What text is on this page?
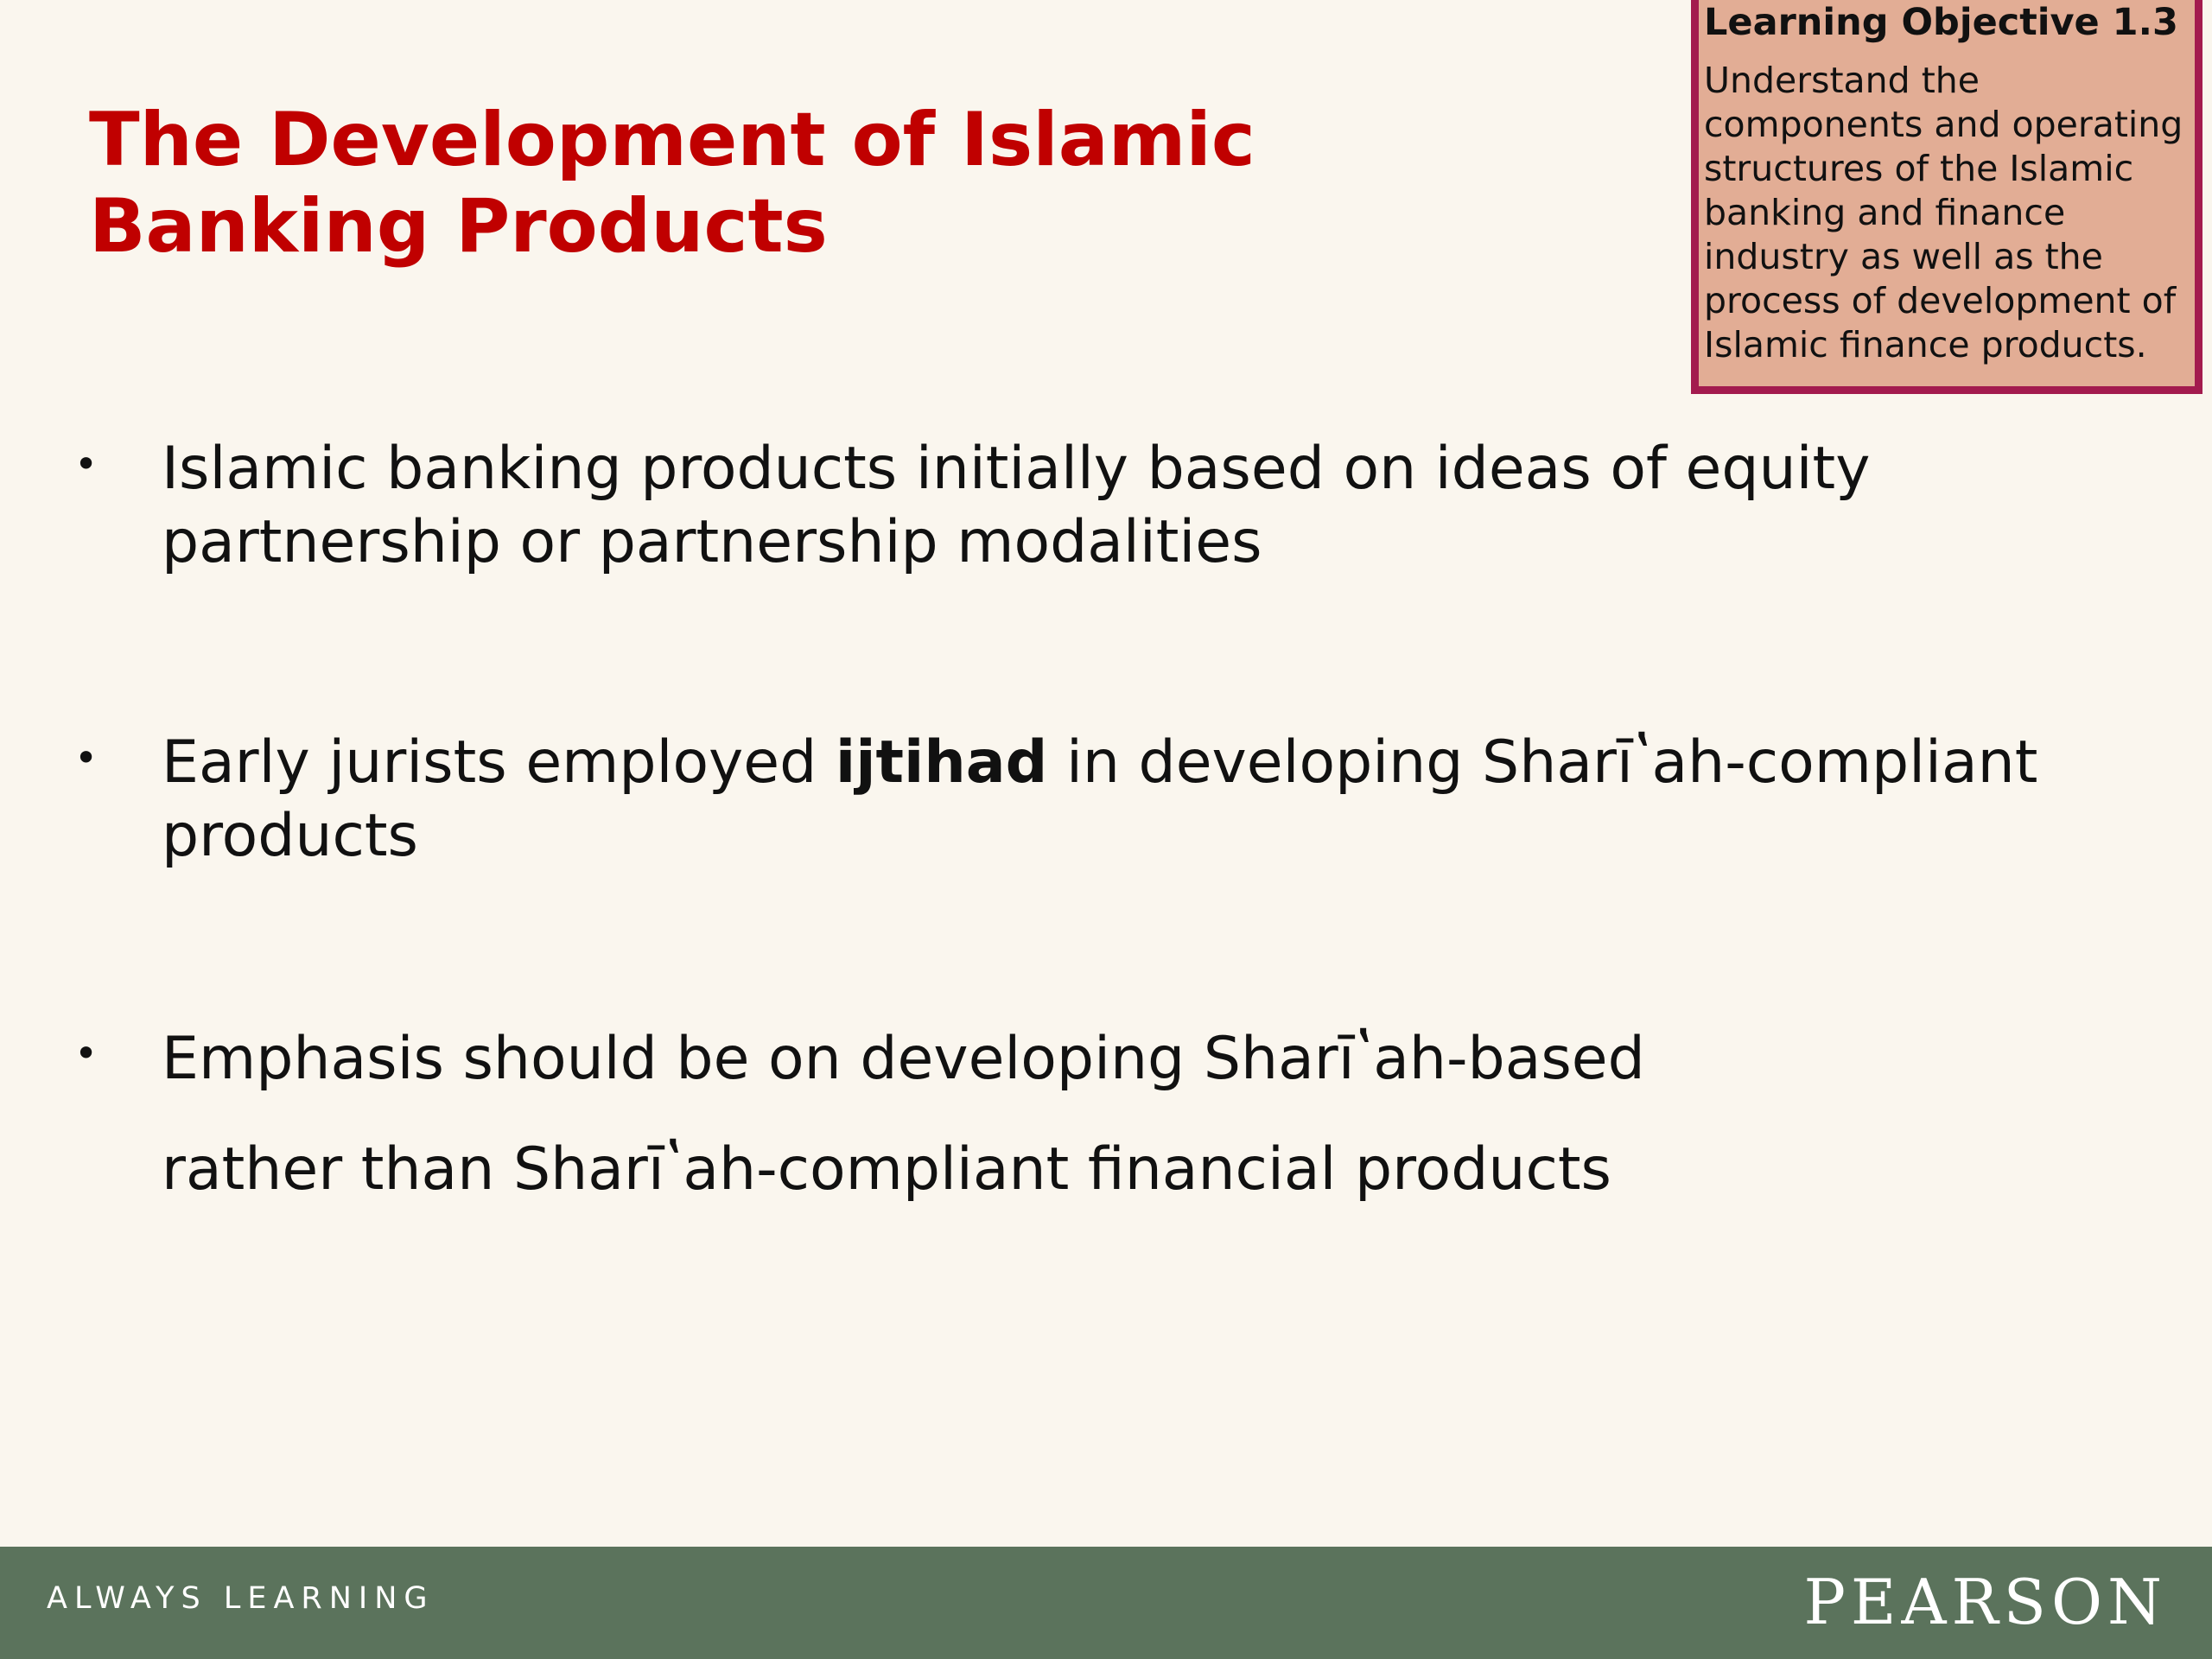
The Development of Islamic Banking Products
Learning Objective 1.3

Understand the components and operating structures of the Islamic banking and finance industry as well as the process of development of Islamic finance products.

• Islamic banking products initially based on ideas of equity partnership or partnership modalities
• Early jurists employed ijtihad in developing Sharīʽah-compliant products
• Emphasis should be on developing Sharīʽah-based
rather than Sharīʽah-compliant financial products
ALWAYS LEARNING	PEARSON
